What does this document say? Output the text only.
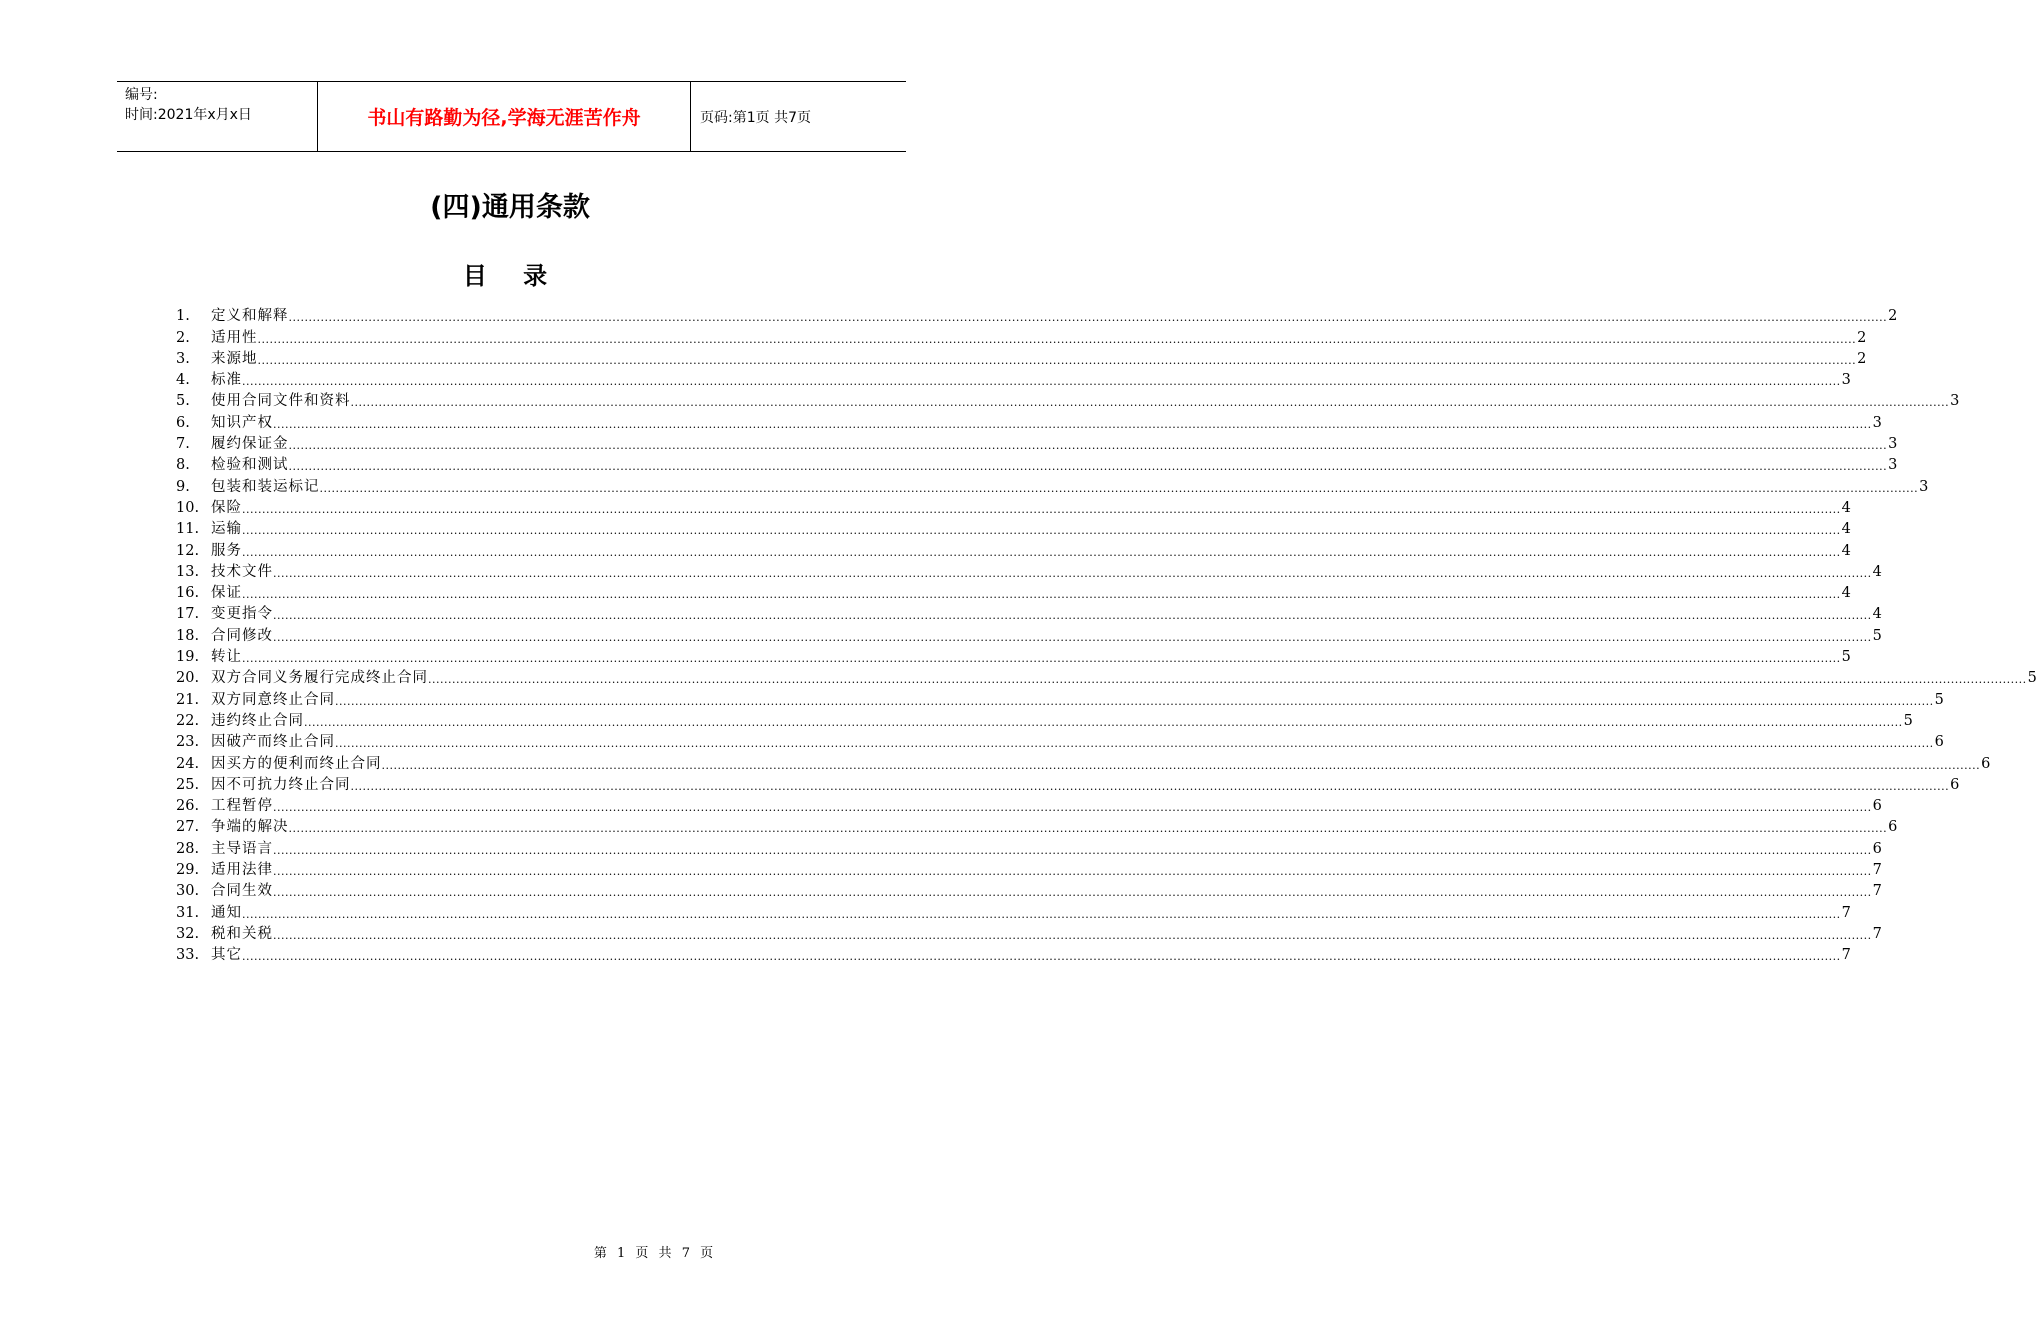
编号:
时间:2021年x月x日	书山有路勤为径,学海无涯苦作舟	页码:第1页 共7页
(四)通用条款
目 录
1.	定义和解释 ................................................................................................................................................................................................................................................................................................................................................................................................................ 2
2.	适用性 ................................................................................................................................................................................................................................................................................................................................................................................................................ 2
3.	来源地 ................................................................................................................................................................................................................................................................................................................................................................................................................ 2
4.	标准 ................................................................................................................................................................................................................................................................................................................................................................................................................ 3
5.	使用合同文件和资料 ................................................................................................................................................................................................................................................................................................................................................................................................................ 3
6.	知识产权 ................................................................................................................................................................................................................................................................................................................................................................................................................ 3
7.	履约保证金 ................................................................................................................................................................................................................................................................................................................................................................................................................ 3
8.	检验和测试 ................................................................................................................................................................................................................................................................................................................................................................................................................ 3
9.	包装和装运标记 ................................................................................................................................................................................................................................................................................................................................................................................................................ 3
10. 保险 ................................................................................................................................................................................................................................................................................................................................................................................................................ 4
11. 运输 ................................................................................................................................................................................................................................................................................................................................................................................................................ 4
12. 服务 ................................................................................................................................................................................................................................................................................................................................................................................................................ 4
13. 技术文件 ................................................................................................................................................................................................................................................................................................................................................................................................................ 4
16. 保证 ................................................................................................................................................................................................................................................................................................................................................................................................................ 4
17. 变更指令 ................................................................................................................................................................................................................................................................................................................................................................................................................ 4
18. 合同修改 ................................................................................................................................................................................................................................................................................................................................................................................................................ 5
19. 转让 ................................................................................................................................................................................................................................................................................................................................................................................................................ 5
20. 双方合同义务履行完成终止合同 ................................................................................................................................................................................................................................................................................................................................................................................................................ 5
21. 双方同意终止合同 ................................................................................................................................................................................................................................................................................................................................................................................................................ 5
22. 违约终止合同 ................................................................................................................................................................................................................................................................................................................................................................................................................ 5
23. 因破产而终止合同 ................................................................................................................................................................................................................................................................................................................................................................................................................ 6
24. 因买方的便利而终止合同 ................................................................................................................................................................................................................................................................................................................................................................................................................ 6
25. 因不可抗力终止合同 ................................................................................................................................................................................................................................................................................................................................................................................................................ 6
26. 工程暂停 ................................................................................................................................................................................................................................................................................................................................................................................................................ 6
27. 争端的解决 ................................................................................................................................................................................................................................................................................................................................................................................................................ 6
28. 主导语言 ................................................................................................................................................................................................................................................................................................................................................................................................................ 6
29. 适用法律 ................................................................................................................................................................................................................................................................................................................................................................................................................ 7
30. 合同生效 ................................................................................................................................................................................................................................................................................................................................................................................................................ 7
31. 通知 ................................................................................................................................................................................................................................................................................................................................................................................................................ 7
32. 税和关税 ................................................................................................................................................................................................................................................................................................................................................................................................................ 7
33. 其它 ................................................................................................................................................................................................................................................................................................................................................................................................................ 7
第 1 页 共 7 页
